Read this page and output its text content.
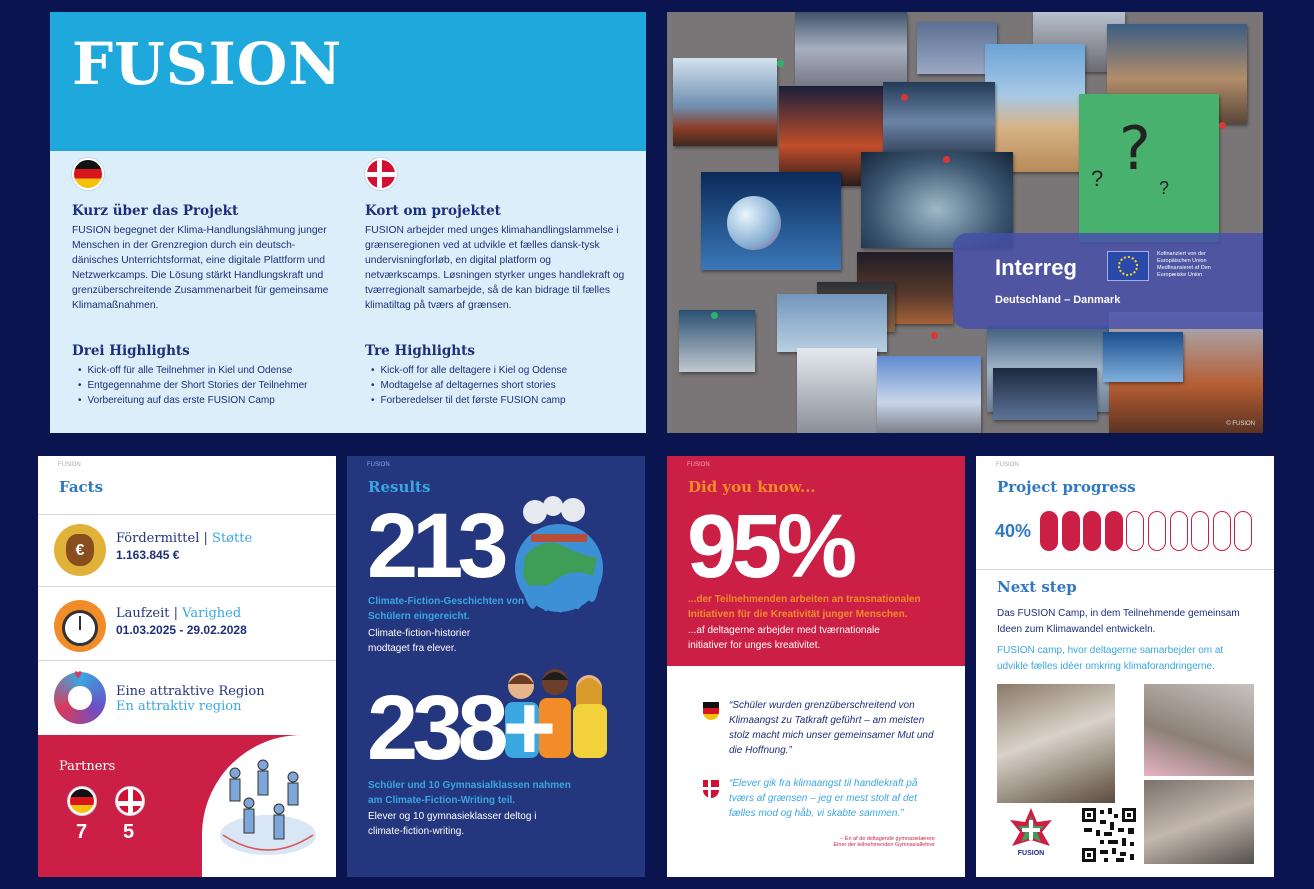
FUSION
Kurz über das Projekt
FUSION begegnet der Klima-Handlungslähmung junger Menschen in der Grenzregion durch ein deutsch-dänisches Unterrichtsformat, eine digitale Plattform und Netzwerkcamps. Die Lösung stärkt Handlungskraft und grenzüberschreitende Zusammenarbeit für gemeinsame Klimamaßnahmen.
Drei Highlights
• Kick-off für alle Teilnehmer in Kiel und Odense
• Entgegennahme der Short Stories der Teilnehmer
• Vorbereitung auf das erste FUSION Camp
Kort om projektet
FUSION arbejder med unges klimahandlingslammelse i grænseregionen ved at udvikle et fælles dansk-tysk undervisningforløb, en digital platform og netværkscamps. Løsningen styrker unges handlekraft og tværregionalt samarbejde, så de kan bidrage til fælles klimatiltag på tværs af grænsen.
Tre Highlights
• Kick-off for alle deltagere i Kiel og Odense
• Modtagelse af deltagernes short stories
• Forberedelser til det første FUSION camp
?
?	?
© FUSION
Interreg
Kofinanziert von der Europäischen Union Medfinansieret af Den Europæiske Union
Deutschland – Danmark
FUSION
Facts
€
Fördermittel | Støtte
1.163.845 €
Laufzeit | Varighed
01.03.2025 - 29.02.2028
♥
Eine attraktive Region
En attraktiv region
Partners
7 5
FUSION
Results
213
Climate-Fiction-Geschichten von Schülern eingereicht.
Climate-fiction-historier modtaget fra elever.
238+
Schüler und 10 Gymnasialklassen nahmen am Climate-Fiction-Writing teil.
Elever og 10 gymnasieklasser deltog i climate-fiction-writing.
FUSION
Did you know...
95%
...der Teilnehmenden arbeiten an transnationalen Initiativen für die Kreativität junger Menschen.
...af deltagerne arbejder med tværnationale initiativer for unges kreativitet.
“Schüler wurden grenzüberschreitend von Klimaangst zu Tatkraft geführt – am meisten stolz macht mich unser gemeinsamer Mut und die Hoffnung.”
“Elever gik fra klimaangst til handlekraft på tværs af grænsen – jeg er mest stolt af det fælles mod og håb, vi skabte sammen.”
– En af de deltagende gymnasielærere
Einer der teilnehmenden Gymnasiallehrer
FUSION
Project progress
40%
Next step
Das FUSION Camp, in dem Teilnehmende gemeinsam Ideen zum Klimawandel entwickeln.
FUSION camp, hvor deltagerne samarbejder om at udvikle fælles idéer omkring klimaforandringerne.
FUSION
